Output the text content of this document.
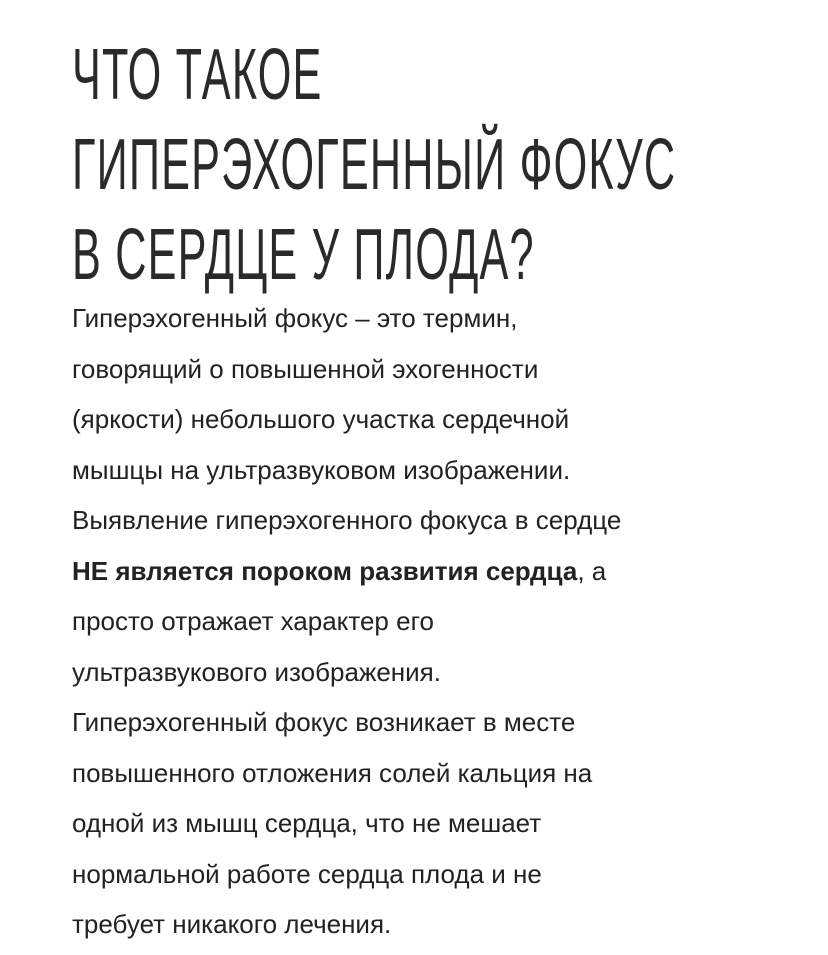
ЧТО ТАКОЕ
ГИПЕРЭХОГЕННЫЙ ФОКУС
В СЕРДЦЕ У ПЛОДА?
Гиперэхогенный фокус – это термин,
говорящий о повышенной эхогенности
(яркости) небольшого участка сердечной
мышцы на ультразвуковом изображении.
Выявление гиперэхогенного фокуса в сердце
НЕ является пороком развития сердца, а
просто отражает характер его
ультразвукового изображения.
Гиперэхогенный фокус возникает в месте
повышенного отложения солей кальция на
одной из мышц сердца, что не мешает
нормальной работе сердца плода и не
требует никакого лечения.
